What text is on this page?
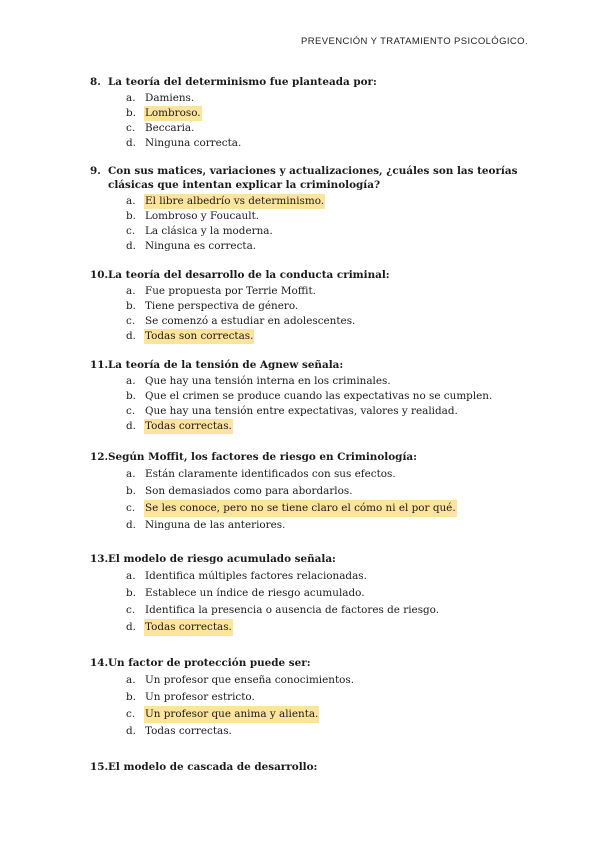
PREVENCIÓN Y TRATAMIENTO PSICOLÓGICO.
8. La teoría del determinismo fue planteada por:
a. Damiens.
b. Lombroso.
c. Beccaria.
d. Ninguna correcta.
9. Con sus matices, variaciones y actualizaciones, ¿cuáles son las teorías clásicas que intentan explicar la criminología?
a. El libre albedrío vs determinismo.
b. Lombroso y Foucault.
c. La clásica y la moderna.
d. Ninguna es correcta.
10. La teoría del desarrollo de la conducta criminal:
a. Fue propuesta por Terrie Moffit.
b. Tiene perspectiva de género.
c. Se comenzó a estudiar en adolescentes.
d. Todas son correctas.
11. La teoría de la tensión de Agnew señala:
a. Que hay una tensión interna en los criminales.
b. Que el crimen se produce cuando las expectativas no se cumplen.
c. Que hay una tensión entre expectativas, valores y realidad.
d. Todas correctas.
12. Según Moffit, los factores de riesgo en Criminología:
a. Están claramente identificados con sus efectos.
b. Son demasiados como para abordarlos.
c. Se les conoce, pero no se tiene claro el cómo ni el por qué.
d. Ninguna de las anteriores.
13. El modelo de riesgo acumulado señala:
a. Identifica múltiples factores relacionadas.
b. Establece un índice de riesgo acumulado.
c. Identifica la presencia o ausencia de factores de riesgo.
d. Todas correctas.
14. Un factor de protección puede ser:
a. Un profesor que enseña conocimientos.
b. Un profesor estricto.
c. Un profesor que anima y alienta.
d. Todas correctas.
15. El modelo de cascada de desarrollo:
